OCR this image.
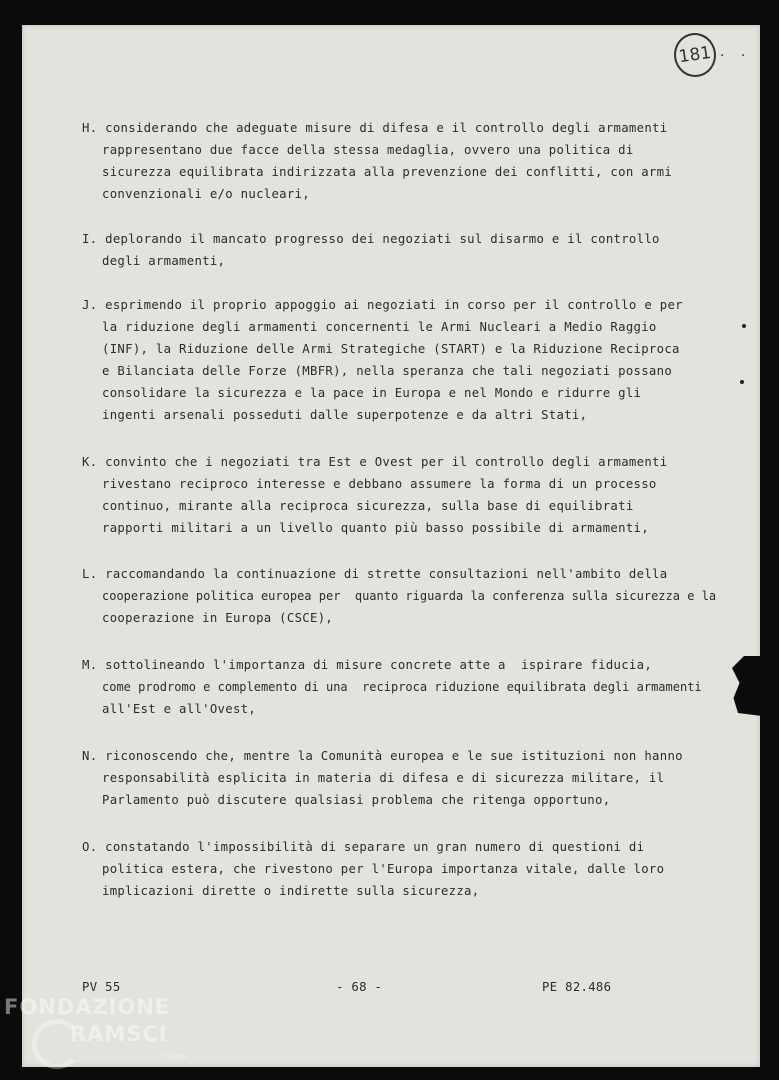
181 . .
H. considerando che adeguate misure di difesa e il controllo degli armamenti
rappresentano due facce della stessa medaglia, ovvero una politica di
sicurezza equilibrata indirizzata alla prevenzione dei conflitti, con armi
convenzionali e/o nucleari,
I. deplorando il mancato progresso dei negoziati sul disarmo e il controllo
degli armamenti,
J. esprimendo il proprio appoggio ai negoziati in corso per il controllo e per
la riduzione degli armamenti concernenti le Armi Nucleari a Medio Raggio
(INF), la Riduzione delle Armi Strategiche (START) e la Riduzione Reciproca
e Bilanciata delle Forze (MBFR), nella speranza che tali negoziati possano
consolidare la sicurezza e la pace in Europa e nel Mondo e ridurre gli
ingenti arsenali posseduti dalle superpotenze e da altri Stati,
K. convinto che i negoziati tra Est e Ovest per il controllo degli armamenti
rivestano reciproco interesse e debbano assumere la forma di un processo
continuo, mirante alla reciproca sicurezza, sulla base di equilibrati
rapporti militari a un livello quanto più basso possibile di armamenti,
L. raccomandando la continuazione di strette consultazioni nell'ambito della
cooperazione politica europea per  quanto riguarda la conferenza sulla sicurezza e la
cooperazione in Europa (CSCE),
M. sottolineando l'importanza di misure concrete atte a  ispirare fiducia,
come prodromo e complemento di una  reciproca riduzione equilibrata degli armamenti
all'Est e all'Ovest,
N. riconoscendo che, mentre la Comunità europea e le sue istituzioni non hanno
responsabilità esplicita in materia di difesa e di sicurezza militare, il
Parlamento può discutere qualsiasi problema che ritenga opportuno,
O. constatando l'impossibilità di separare un gran numero di questioni di
politica estera, che rivestono per l'Europa importanza vitale, dalle loro
implicazioni dirette o indirette sulla sicurezza,
PV 55	- 68 -	PE 82.486
FONDAZIONE
RAMSCI
onlus
